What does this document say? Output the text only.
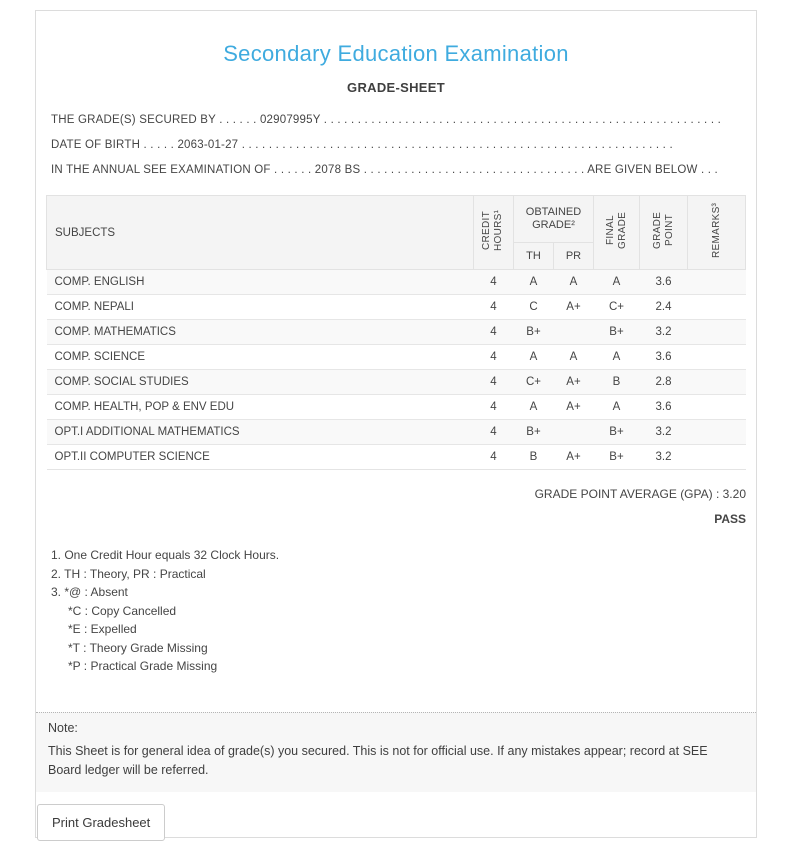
Secondary Education Examination
GRADE-SHEET
THE GRADE(S) SECURED BY . . . . . . 02907995Y . . . . . . . . . . . . . . . . . . . . . . . . . . . . . . . . . . . . . . . . . . . . . . . . . . . . . . . . . . .
DATE OF BIRTH . . . . . 2063-01-27 . . . . . . . . . . . . . . . . . . . . . . . . . . . . . . . . . . . . . . . . . . . . . . . . . . . . . . . . . . . . . . . .
IN THE ANNUAL SEE EXAMINATION OF . . . . . . 2078 BS . . . . . . . . . . . . . . . . . . . . . . . . . . . . . . . . . ARE GIVEN BELOW . . .
SUBJECTS	CREDIT HOURS¹	OBTAINED GRADE²		FINAL GRADE	GRADE POINT	REMARKS³
		TH	PR			
COMP. ENGLISH	4	A	A	A	3.6	
COMP. NEPALI	4	C	A+	C+	2.4	
COMP. MATHEMATICS	4	B+		B+	3.2	
COMP. SCIENCE	4	A	A	A	3.6	
COMP. SOCIAL STUDIES	4	C+	A+	B	2.8	
COMP. HEALTH, POP & ENV EDU	4	A	A+	A	3.6	
OPT.I ADDITIONAL MATHEMATICS	4	B+		B+	3.2	
OPT.II COMPUTER SCIENCE	4	B	A+	B+	3.2	
GRADE POINT AVERAGE (GPA) : 3.20
PASS
1. One Credit Hour equals 32 Clock Hours.
2. TH : Theory, PR : Practical
3. *@ : Absent
*C : Copy Cancelled
*E : Expelled
*T : Theory Grade Missing
*P : Practical Grade Missing
Note:
This Sheet is for general idea of grade(s) you secured. This is not for official use. If any mistakes appear; record at SEE Board ledger will be referred.
Print Gradesheet
